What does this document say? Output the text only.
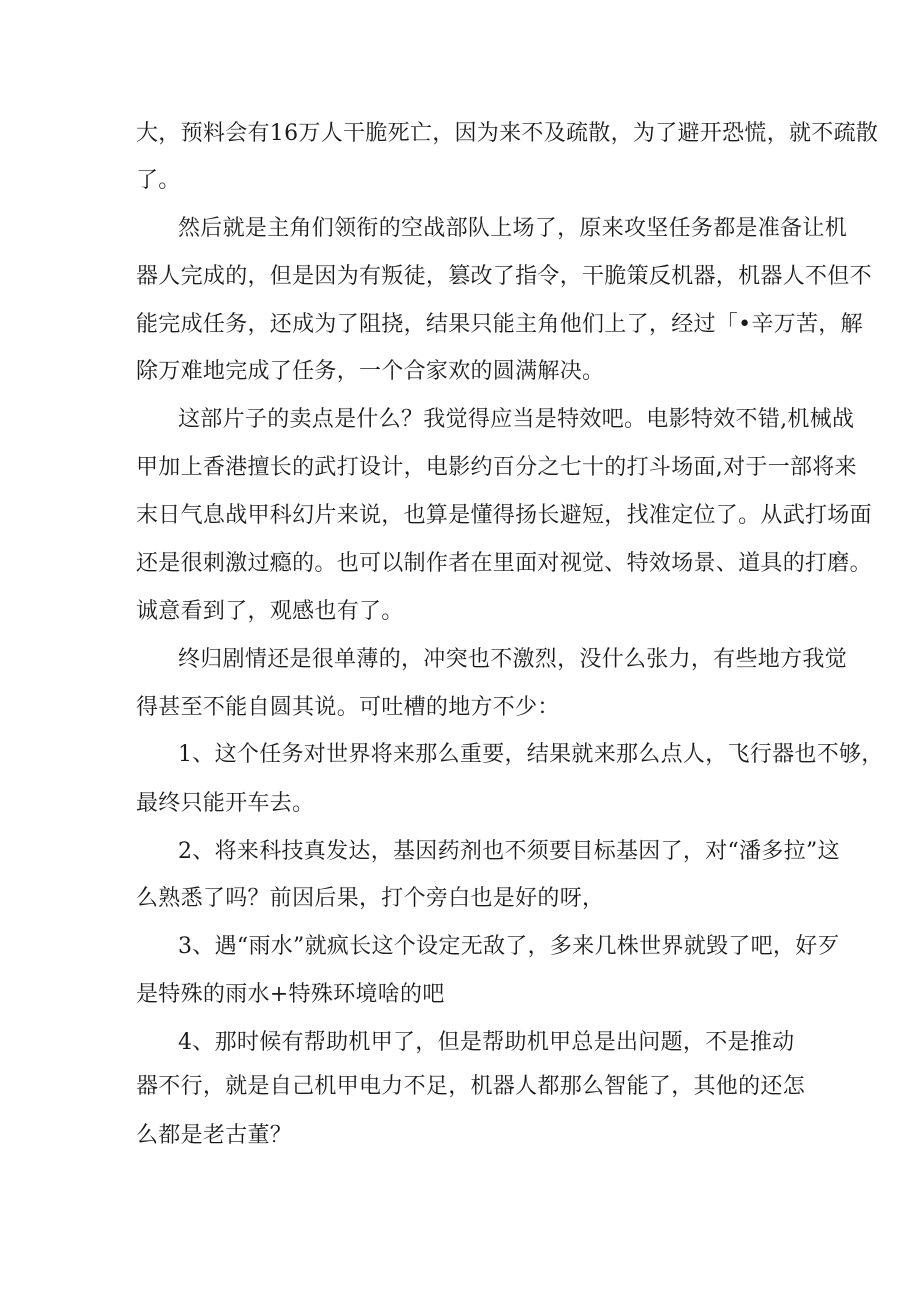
大，预料会有16万人干脆死亡，因为来不及疏散，为了避开恐慌，就不疏散
了。
然后就是主角们领衔的空战部队上场了，原来攻坚任务都是准备让机
器人完成的，但是因为有叛徒，篡改了指令，干脆策反机器，机器人不但不
能完成任务，还成为了阻挠，结果只能主角他们上了，经过「•辛万苦，解
除万难地完成了任务，一个合家欢的圆满解决。
这部片子的卖点是什么？我觉得应当是特效吧。电影特效不错,机械战
甲加上香港擅长的武打设计，电影约百分之七十的打斗场面,对于一部将来
末日气息战甲科幻片来说，也算是懂得扬长避短，找准定位了。从武打场面
还是很刺激过瘾的。也可以制作者在里面对视觉、特效场景、道具的打磨。
诚意看到了，观感也有了。
终归剧情还是很单薄的，冲突也不激烈，没什么张力，有些地方我觉
得甚至不能自圆其说。可吐槽的地方不少：
1、这个任务对世界将来那么重要，结果就来那么点人，飞行器也不够，
最终只能开车去。
2、将来科技真发达，基因药剂也不须要目标基因了，对“潘多拉”这
么熟悉了吗？前因后果，打个旁白也是好的呀，
3、遇“雨水”就疯长这个设定无敌了，多来几株世界就毁了吧，好歹
是特殊的雨水+特殊环境啥的吧
4、那时候有帮助机甲了，但是帮助机甲总是出问题，不是推动
器不行，就是自己机甲电力不足，机器人都那么智能了，其他的还怎
么都是老古董？
